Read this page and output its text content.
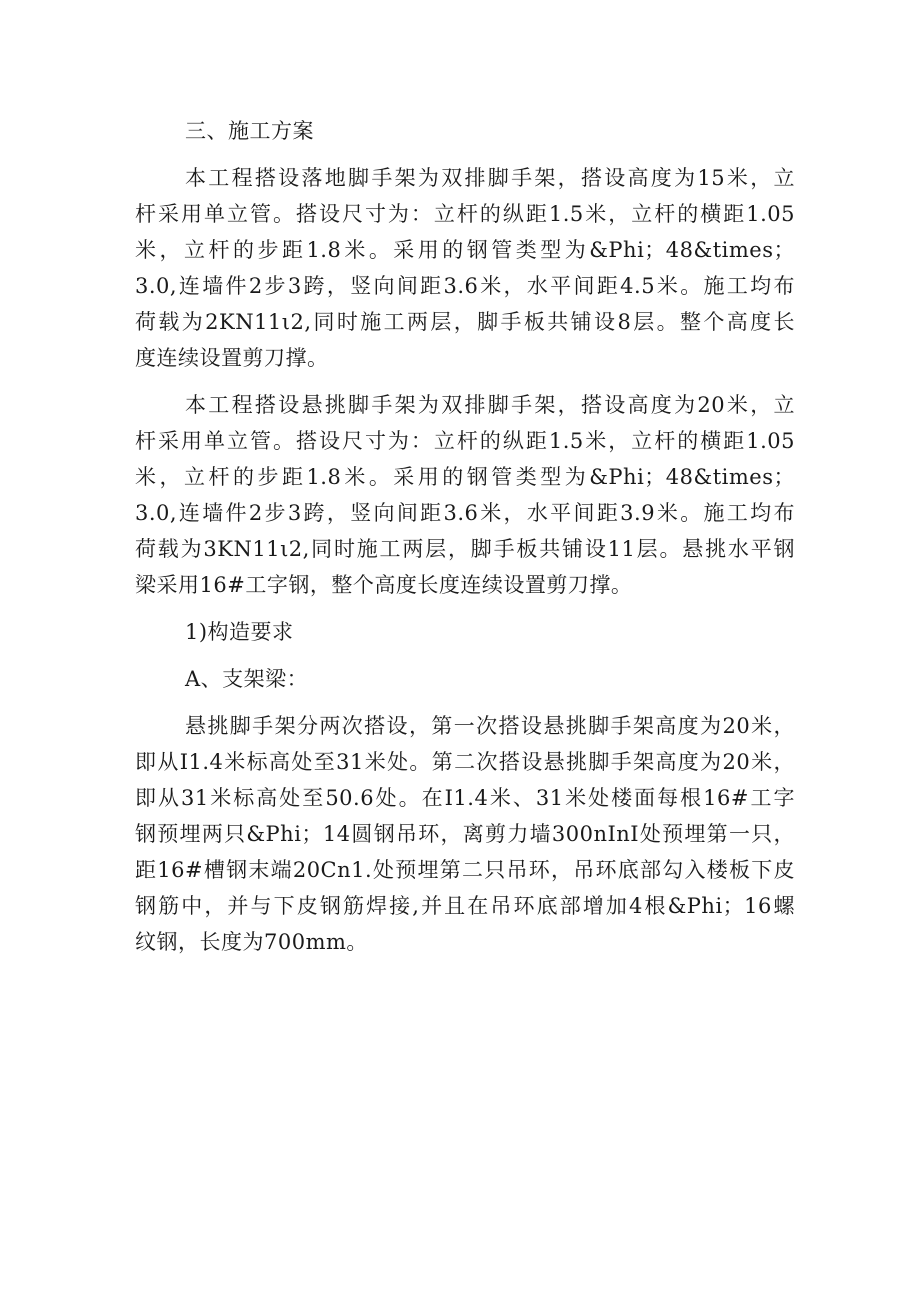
三、施工方案
本工程搭设落地脚手架为双排脚手架，搭设高度为15米，立
杆采用单立管。搭设尺寸为：立杆的纵距1.5米，立杆的横距1.05
米，立杆的步距1.8米。采用的钢管类型为&Phi；48&times；
3.0,连墙件2步3跨，竖向间距3.6米，水平间距4.5米。施工均布
荷载为2KN11ι2,同时施工两层，脚手板共铺设8层。整个高度长
度连续设置剪刀撑。
本工程搭设悬挑脚手架为双排脚手架，搭设高度为20米，立
杆采用单立管。搭设尺寸为：立杆的纵距1.5米，立杆的横距1.05
米，立杆的步距1.8米。采用的钢管类型为&Phi；48&times；
3.0,连墙件2步3跨，竖向间距3.6米，水平间距3.9米。施工均布
荷载为3KN11ι2,同时施工两层，脚手板共铺设11层。悬挑水平钢
梁采用16#工字钢，整个高度长度连续设置剪刀撑。
1)构造要求
A、支架梁：
悬挑脚手架分两次搭设，第一次搭设悬挑脚手架高度为20米，
即从I1.4米标高处至31米处。第二次搭设悬挑脚手架高度为20米，
即从31米标高处至50.6处。在I1.4米、31米处楼面每根16#工字
钢预埋两只&Phi；14圆钢吊环，离剪力墙300nInI处预埋第一只，
距16#槽钢末端20Cn1.处预埋第二只吊环，吊环底部勾入楼板下皮
钢筋中，并与下皮钢筋焊接,并且在吊环底部增加4根&Phi；16螺
纹钢，长度为700mm。
